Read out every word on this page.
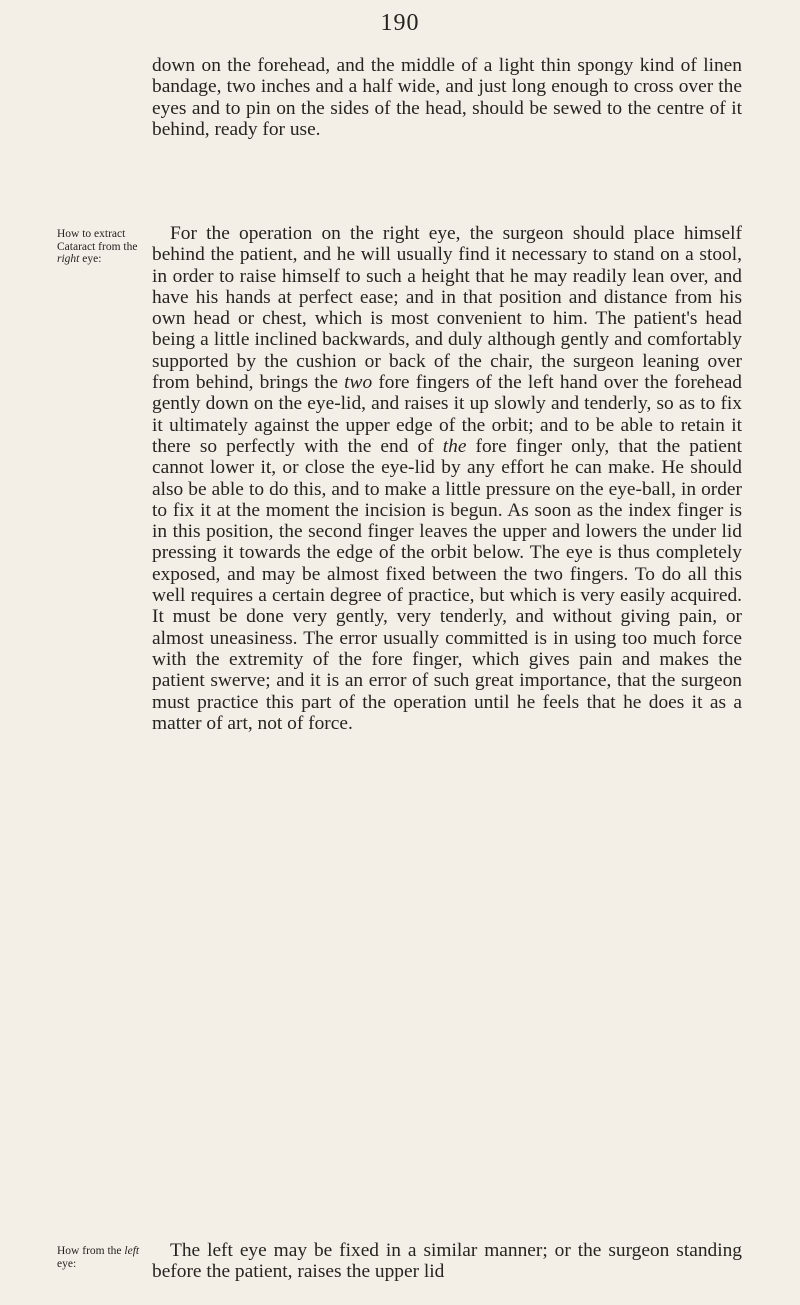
190

down on the forehead, and the middle of a light thin spongy kind of linen bandage, two inches and a half wide, and just long enough to cross over the eyes and to pin on the sides of the head, should be sewed to the centre of it behind, ready for use.

How to extract Cataract from the right eye:

For the operation on the right eye, the surgeon should place himself behind the patient, and he will usually find it necessary to stand on a stool, in order to raise himself to such a height that he may readily lean over, and have his hands at perfect ease; and in that position and distance from his own head or chest, which is most convenient to him. The patient's head being a little inclined backwards, and duly although gently and comfortably supported by the cushion or back of the chair, the surgeon leaning over from behind, brings the two fore fingers of the left hand over the forehead gently down on the eye-lid, and raises it up slowly and tenderly, so as to fix it ultimately against the upper edge of the orbit; and to be able to retain it there so perfectly with the end of the fore finger only, that the patient cannot lower it, or close the eye-lid by any effort he can make. He should also be able to do this, and to make a little pressure on the eye-ball, in order to fix it at the moment the incision is begun. As soon as the index finger is in this position, the second finger leaves the upper and lowers the under lid pressing it towards the edge of the orbit below. The eye is thus completely exposed, and may be almost fixed between the two fingers. To do all this well requires a certain degree of practice, but which is very easily acquired. It must be done very gently, very tenderly, and without giving pain, or almost uneasiness. The error usually committed is in using too much force with the extremity of the fore finger, which gives pain and makes the patient swerve; and it is an error of such great importance, that the surgeon must practice this part of the operation until he feels that he does it as a matter of art, not of force.

How from the left eye:

The left eye may be fixed in a similar manner; or the surgeon standing before the patient, raises the upper lid
